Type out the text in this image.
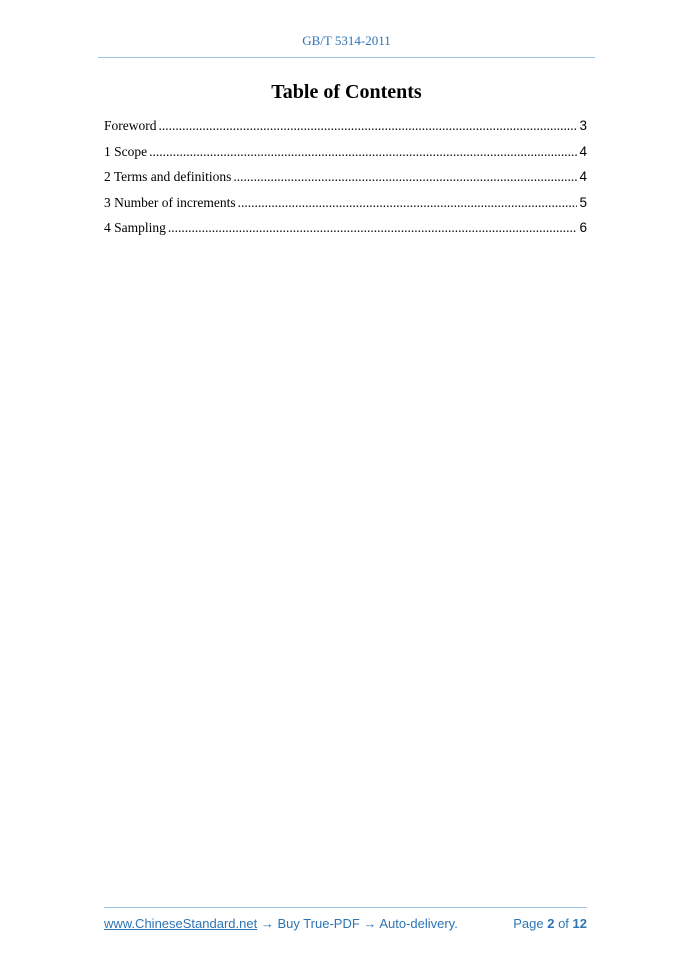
GB/T 5314-2011
Table of Contents
Foreword .....	3
1 Scope .....	4
2 Terms and definitions .....	4
3 Number of increments .....	5
4 Sampling .....	6
www.ChineseStandard.net → Buy True-PDF → Auto-delivery.	Page 2 of 12
